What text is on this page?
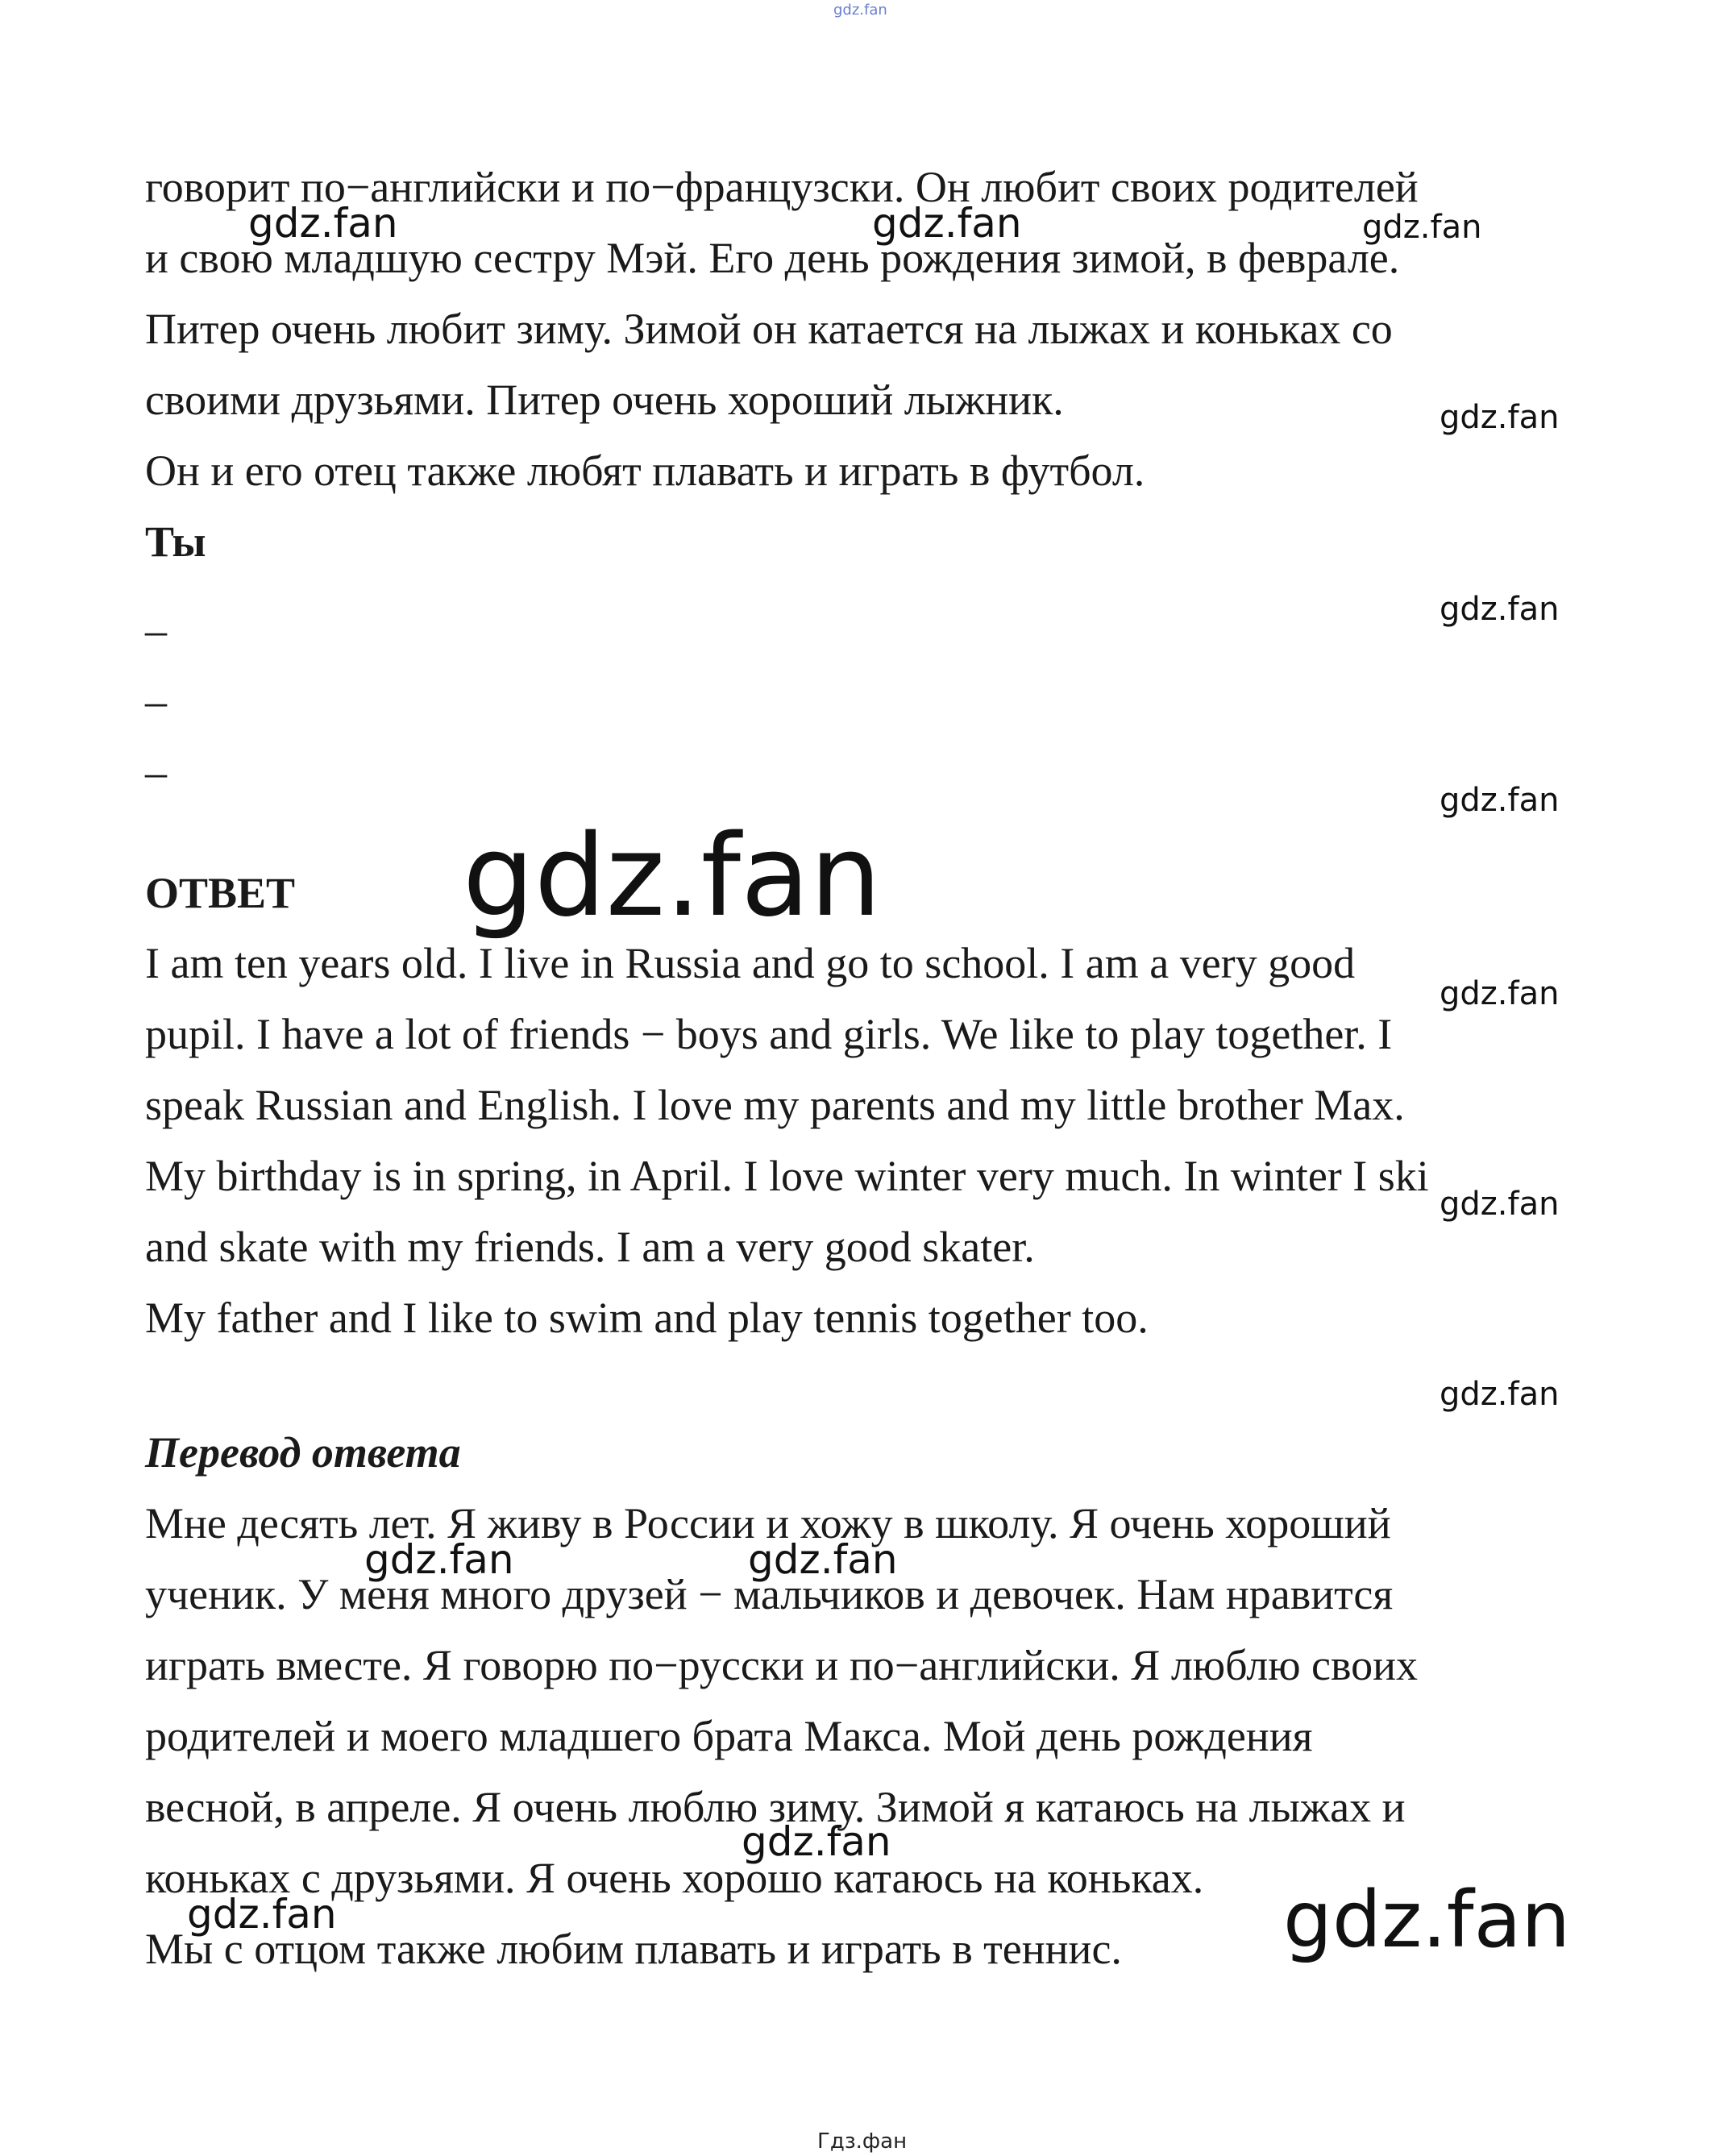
gdz.fan

говорит по−английски и по−французски. Он любит своих родителей

и свою младшую сестру Мэй. Его день рождения зимой, в феврале.

Питер очень любит зиму. Зимой он катается на лыжах и коньках со

своими друзьями. Питер очень хороший лыжник.

Он и его отец также любят плавать и играть в футбол.

Ты

–

–

–

ОТВЕТ

I am ten years old. I live in Russia and go to school. I am a very good

pupil. I have a lot of friends − boys and girls. We like to play together. I

speak Russian and English. I love my parents and my little brother Max.

My birthday is in spring, in April. I love winter very much. In winter I ski

and skate with my friends. I am a very good skater.

My father and I like to swim and play tennis together too.

Перевод ответа

Мне десять лет. Я живу в России и хожу в школу. Я очень хороший

ученик. У меня много друзей − мальчиков и девочек. Нам нравится

играть вместе. Я говорю по−русски и по−английски. Я люблю своих

родителей и моего младшего брата Макса. Мой день рождения

весной, в апреле. Я очень люблю зиму. Зимой я катаюсь на лыжах и

коньках с друзьями. Я очень хорошо катаюсь на коньках.

Мы с отцом также любим плавать и играть в теннис.

gdz.fan	gdz.fan	gdz.fan
gdz.fan
gdz.fan
gdz.fan
gdz.fan
gdz.fan
gdz.fan
gdz.fan
gdz.fan	gdz.fan
gdz.fan
gdz.fan	gdz.fan
Гдз.фан
